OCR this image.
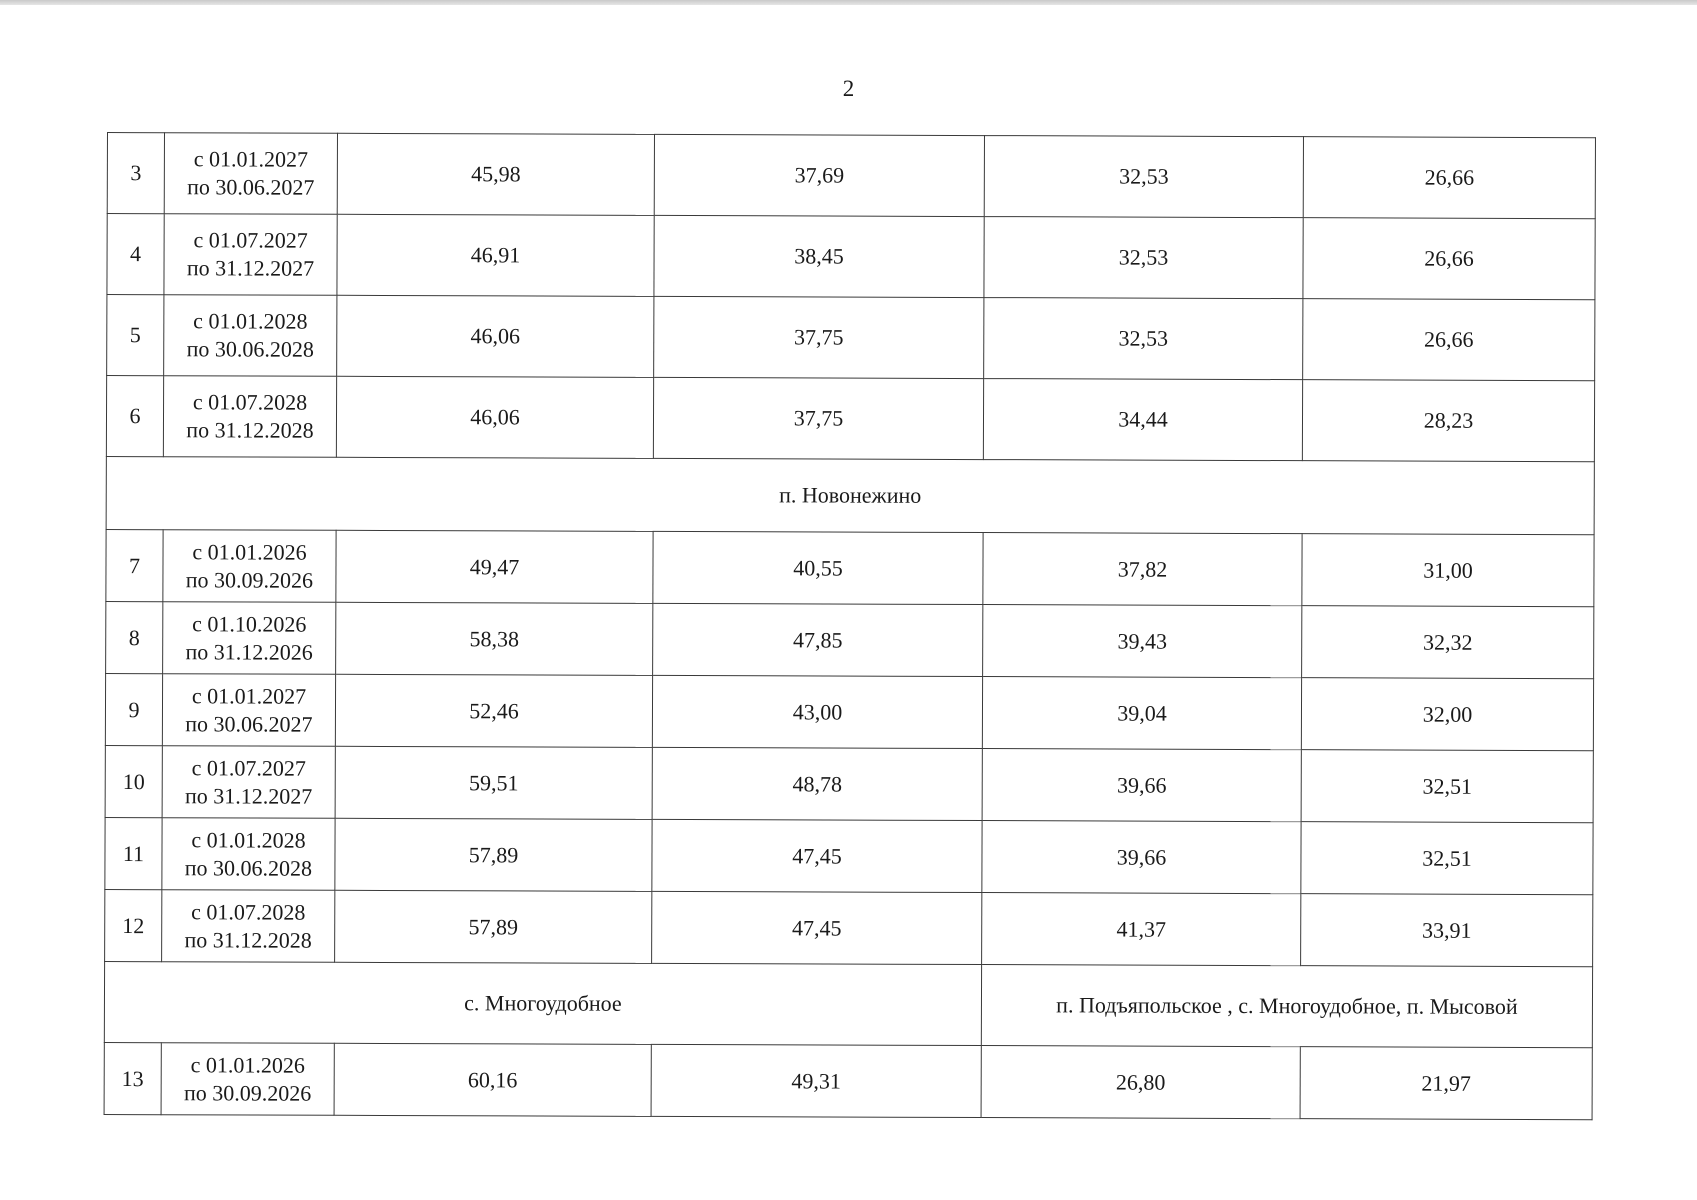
2
3	с 01.01.2027
по 30.06.2027	45,98	37,69	32,53	26,66
4	с 01.07.2027
по 31.12.2027	46,91	38,45	32,53	26,66
5	с 01.01.2028
по 30.06.2028	46,06	37,75	32,53	26,66
6	с 01.07.2028
по 31.12.2028	46,06	37,75	34,44	28,23
п. Новонежино					
7	с 01.01.2026
по 30.09.2026	49,47	40,55	37,82	31,00
8	с 01.10.2026
по 31.12.2026	58,38	47,85	39,43	32,32
9	с 01.01.2027
по 30.06.2027	52,46	43,00	39,04	32,00
10	с 01.07.2027
по 31.12.2027	59,51	48,78	39,66	32,51
11	с 01.01.2028
по 30.06.2028	57,89	47,45	39,66	32,51
12	с 01.07.2028
по 31.12.2028	57,89	47,45	41,37	33,91
с. Многоудобное				п. Подъяпольское , с. Многоудобное, п. Мысовой	
13	с 01.01.2026
по 30.09.2026	60,16	49,31	26,80	21,97
